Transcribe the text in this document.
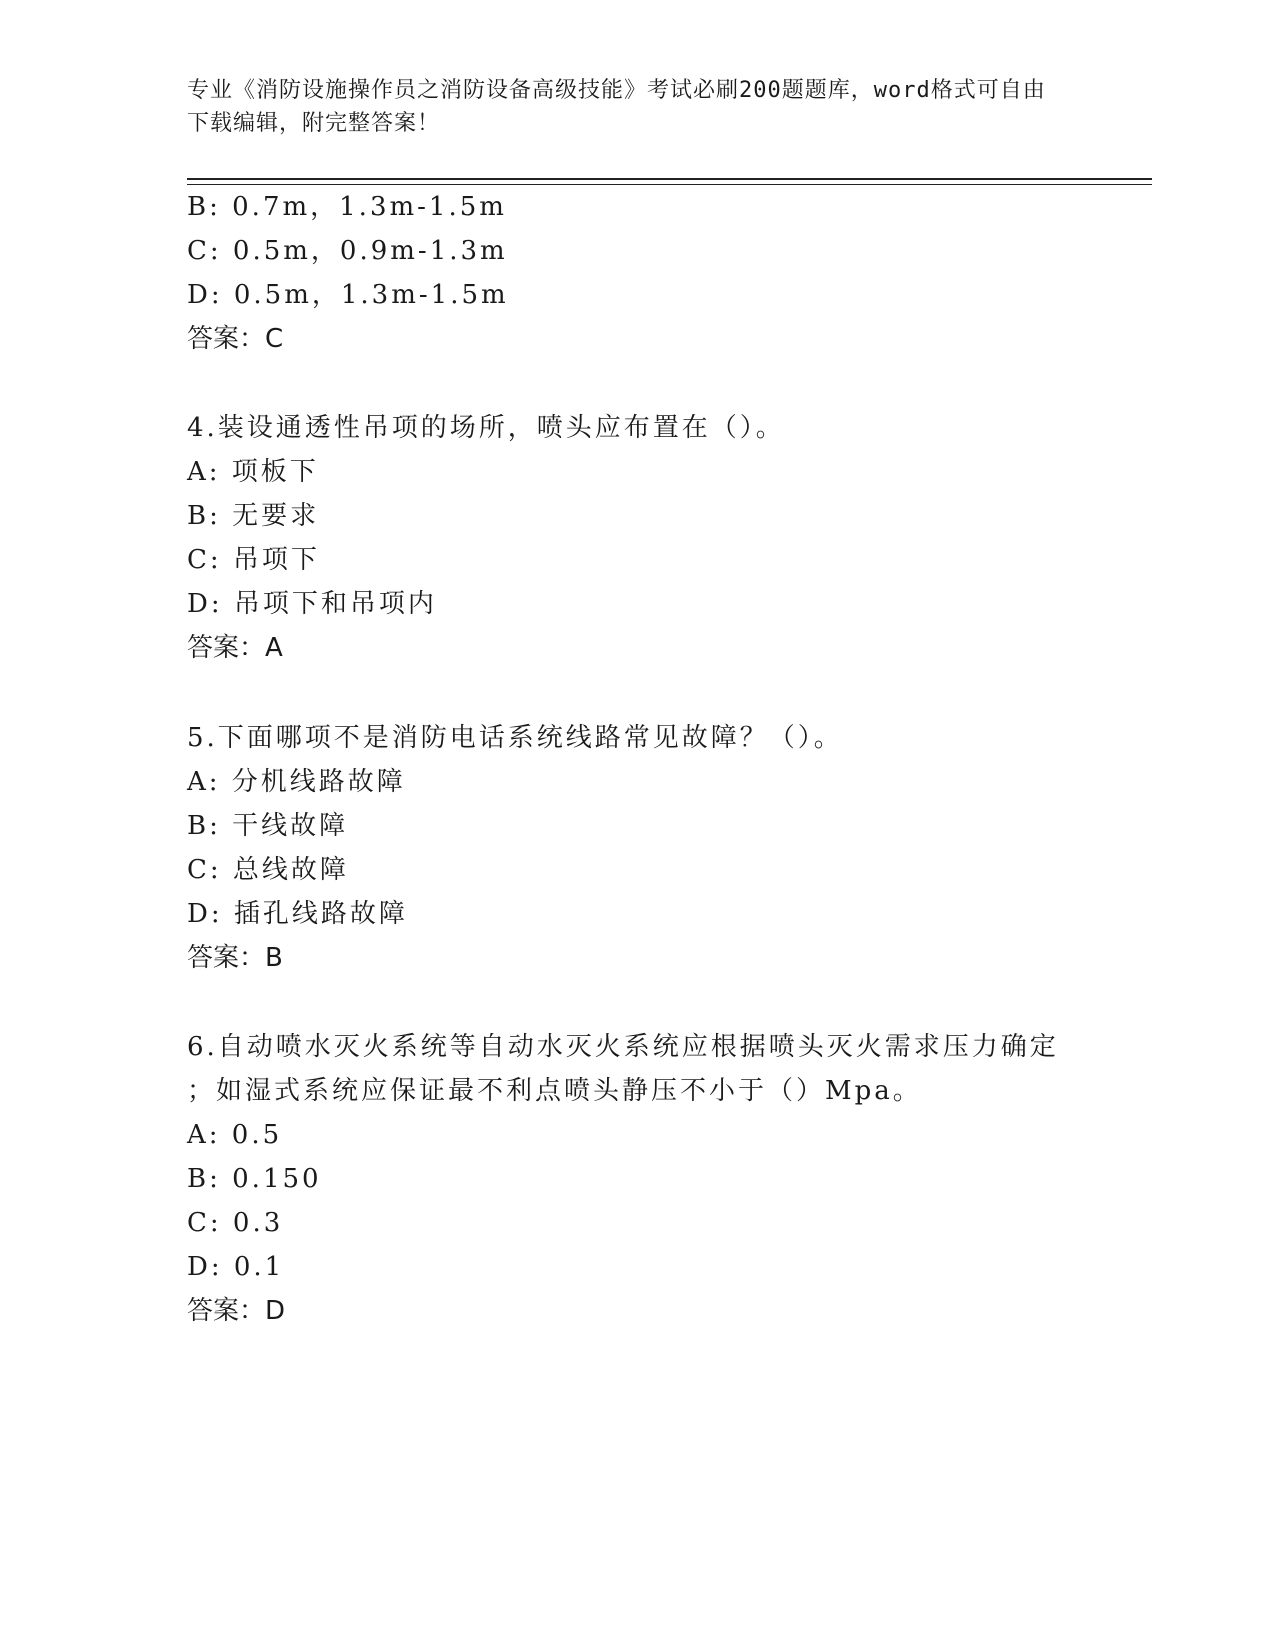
专业《消防设施操作员之消防设备高级技能》考试必刷200题题库，word格式可自由下载编辑，附完整答案！
B: 0.7m，1.3m-1.5m
C: 0.5m，0.9m-1.3m
D: 0.5m，1.3m-1.5m
答案：C
4.装设通透性吊项的场所，喷头应布置在（）。
A: 项板下
B: 无要求
C: 吊项下
D: 吊项下和吊项内
答案：A
5.下面哪项不是消防电话系统线路常见故障？（）。
A: 分机线路故障
B: 干线故障
C: 总线故障
D: 插孔线路故障
答案：B
6.自动喷水灭火系统等自动水灭火系统应根据喷头灭火需求压力确定
；如湿式系统应保证最不利点喷头静压不小于（）Mpa。
A: 0.5
B: 0.150
C: 0.3
D: 0.1
答案：D
